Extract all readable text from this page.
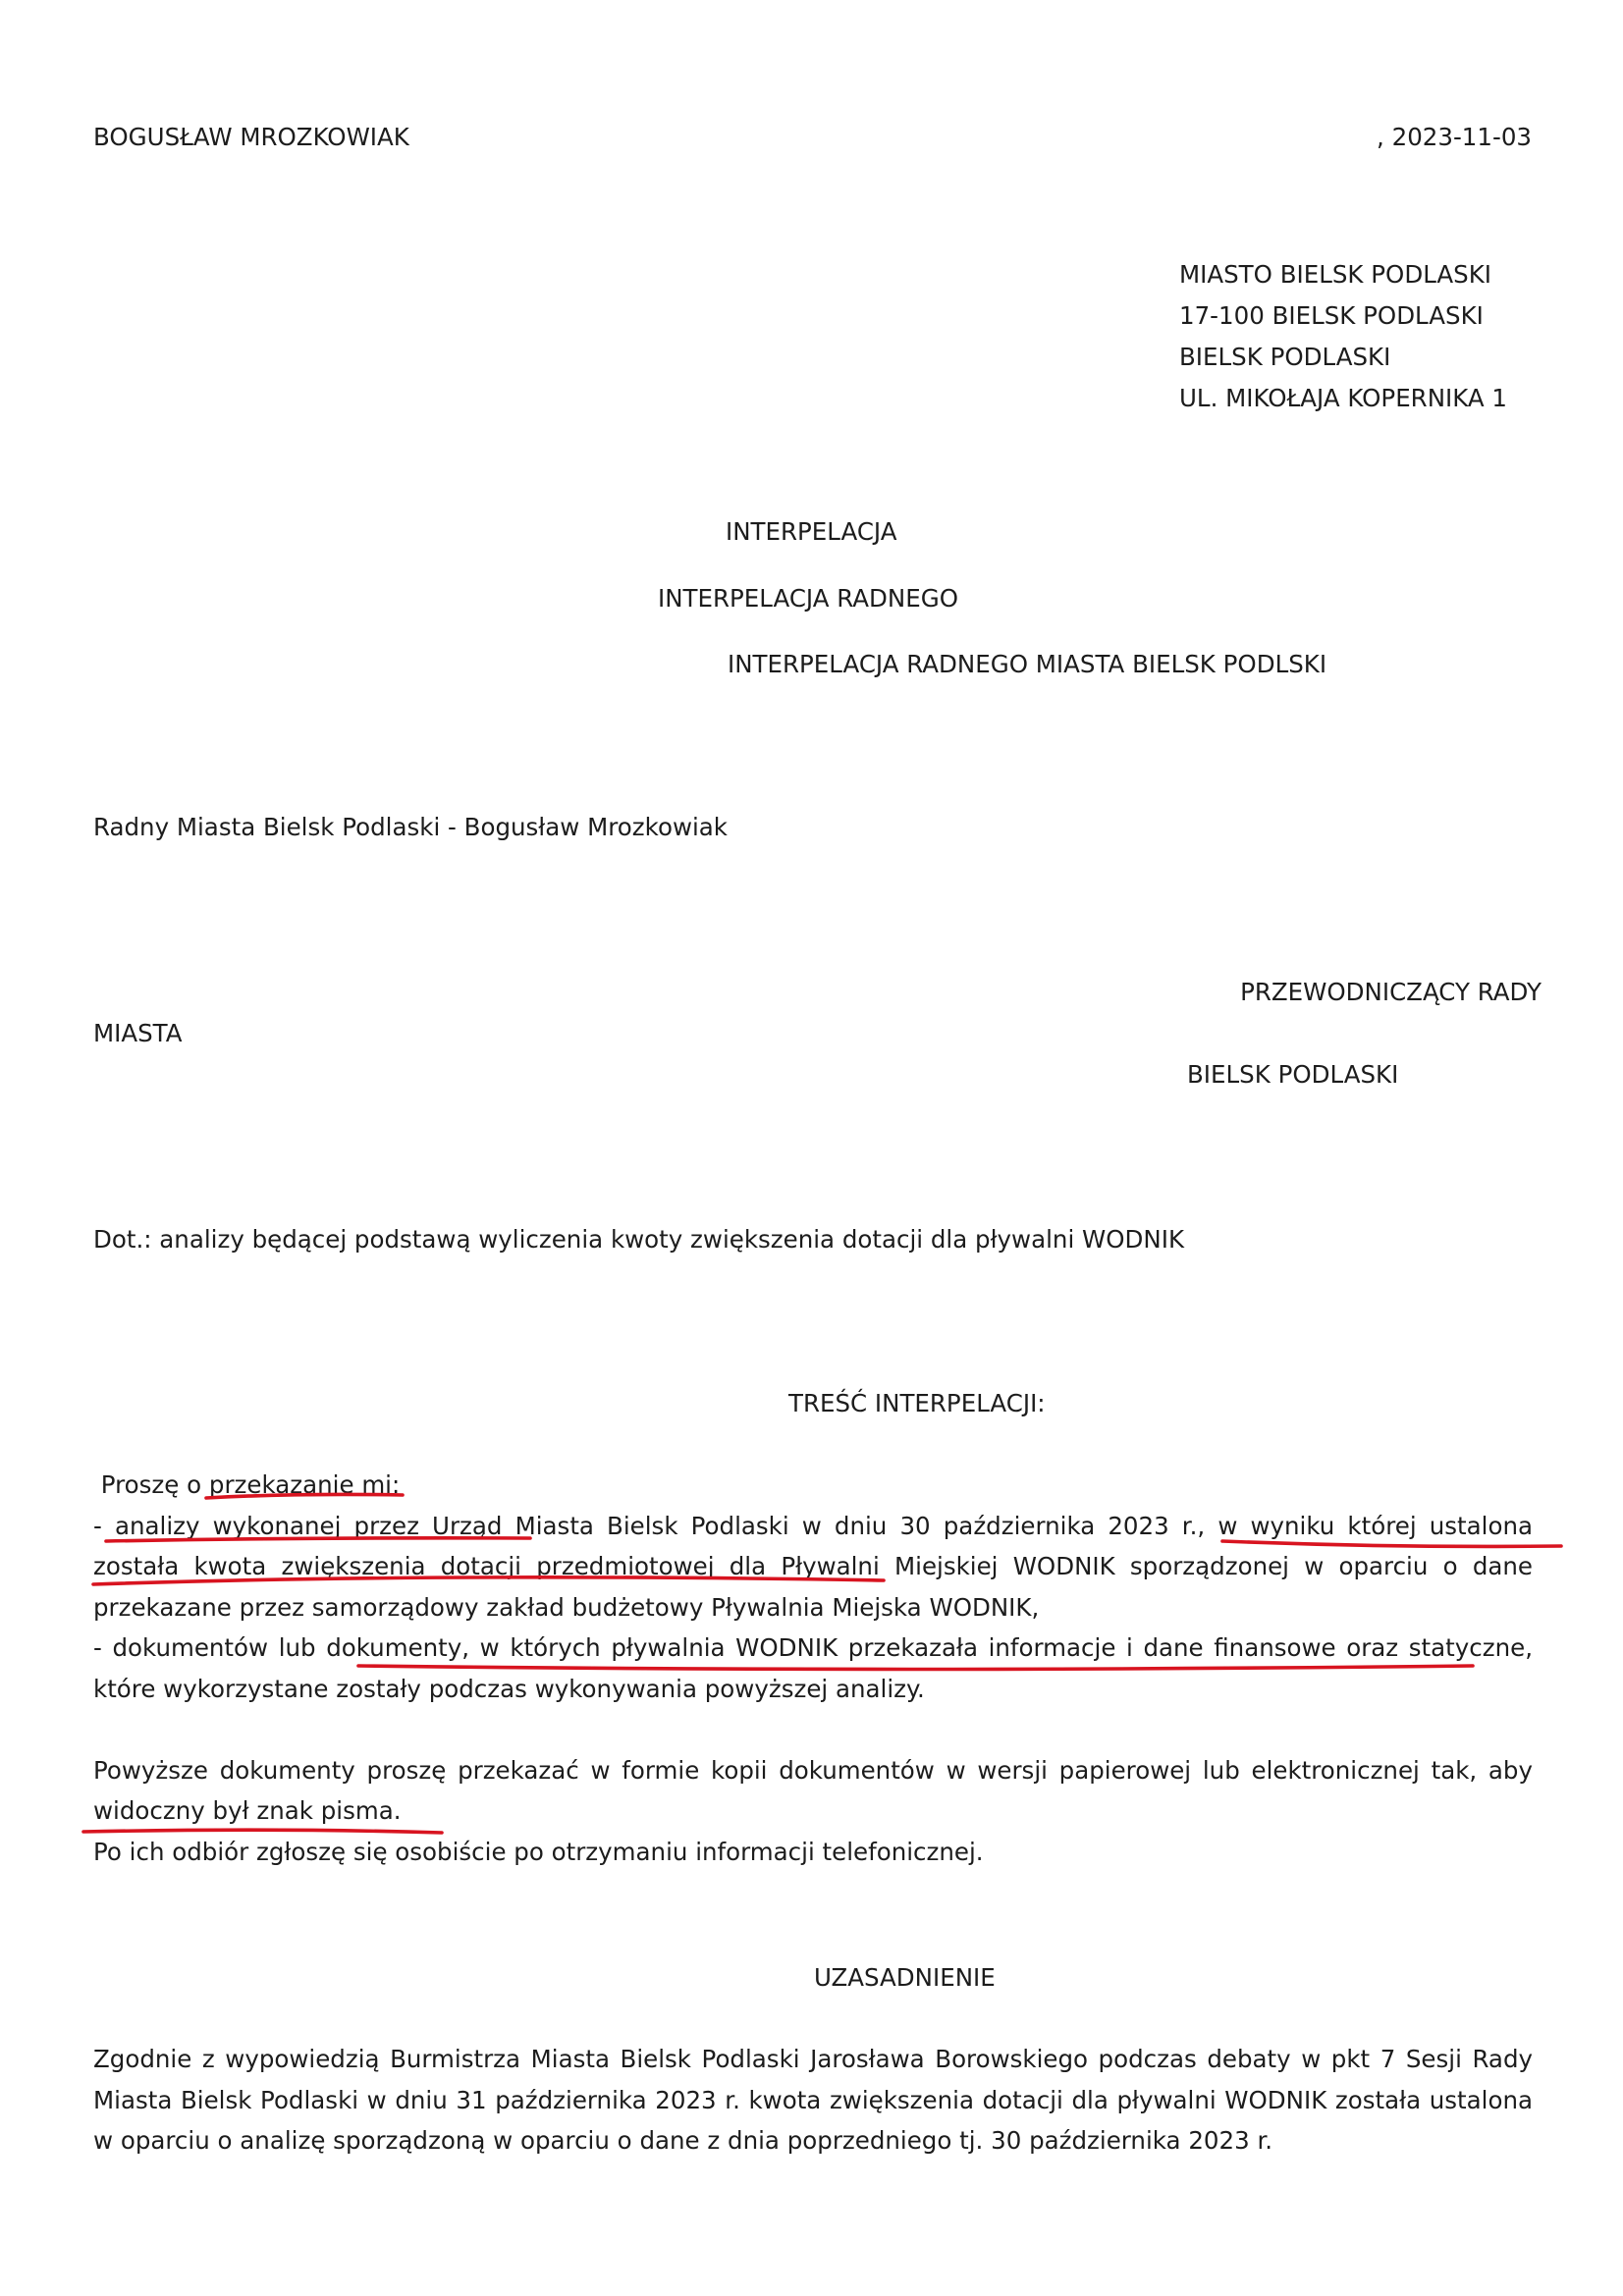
BOGUSŁAW MROZKOWIAK	, 2023-11-03
MIASTO BIELSK PODLASKI
17-100 BIELSK PODLASKI
BIELSK PODLASKI
UL. MIKOŁAJA KOPERNIKA 1
INTERPELACJA
INTERPELACJA RADNEGO
INTERPELACJA RADNEGO MIASTA BIELSK PODLSKI
Radny Miasta Bielsk Podlaski - Bogusław Mrozkowiak
PRZEWODNICZĄCY RADY
MIASTA
BIELSK PODLASKI
Dot.: analizy będącej podstawą wyliczenia kwoty zwiększenia dotacji dla pływalni WODNIK
TREŚĆ INTERPELACJI:

Proszę o przekazanie mi:

- analizy wykonanej przez Urząd Miasta Bielsk Podlaski w dniu 30 października 2023 r., w wyniku której ustalona została kwota zwiększenia dotacji przedmiotowej dla Pływalni Miejskiej WODNIK sporządzonej w oparciu o dane przekazane przez samorządowy zakład budżetowy Pływalnia Miejska WODNIK,

- dokumentów lub dokumenty, w których pływalnia WODNIK przekazała informacje i dane finansowe oraz statyczne, które wykorzystane zostały podczas wykonywania powyższej analizy.

Powyższe dokumenty proszę przekazać w formie kopii dokumentów w wersji papierowej lub elektronicznej tak, aby widoczny był znak pisma.

Po ich odbiór zgłoszę się osobiście po otrzymaniu informacji telefonicznej.

UZASADNIENIE
Zgodnie z wypowiedzią Burmistrza Miasta Bielsk Podlaski Jarosława Borowskiego podczas debaty w pkt 7 Sesji Rady Miasta Bielsk Podlaski w dniu 31 października 2023 r. kwota zwiększenia dotacji dla pływalni WODNIK została ustalona w oparciu o analizę sporządzoną w oparciu o dane z dnia poprzedniego tj. 30 października 2023 r.
